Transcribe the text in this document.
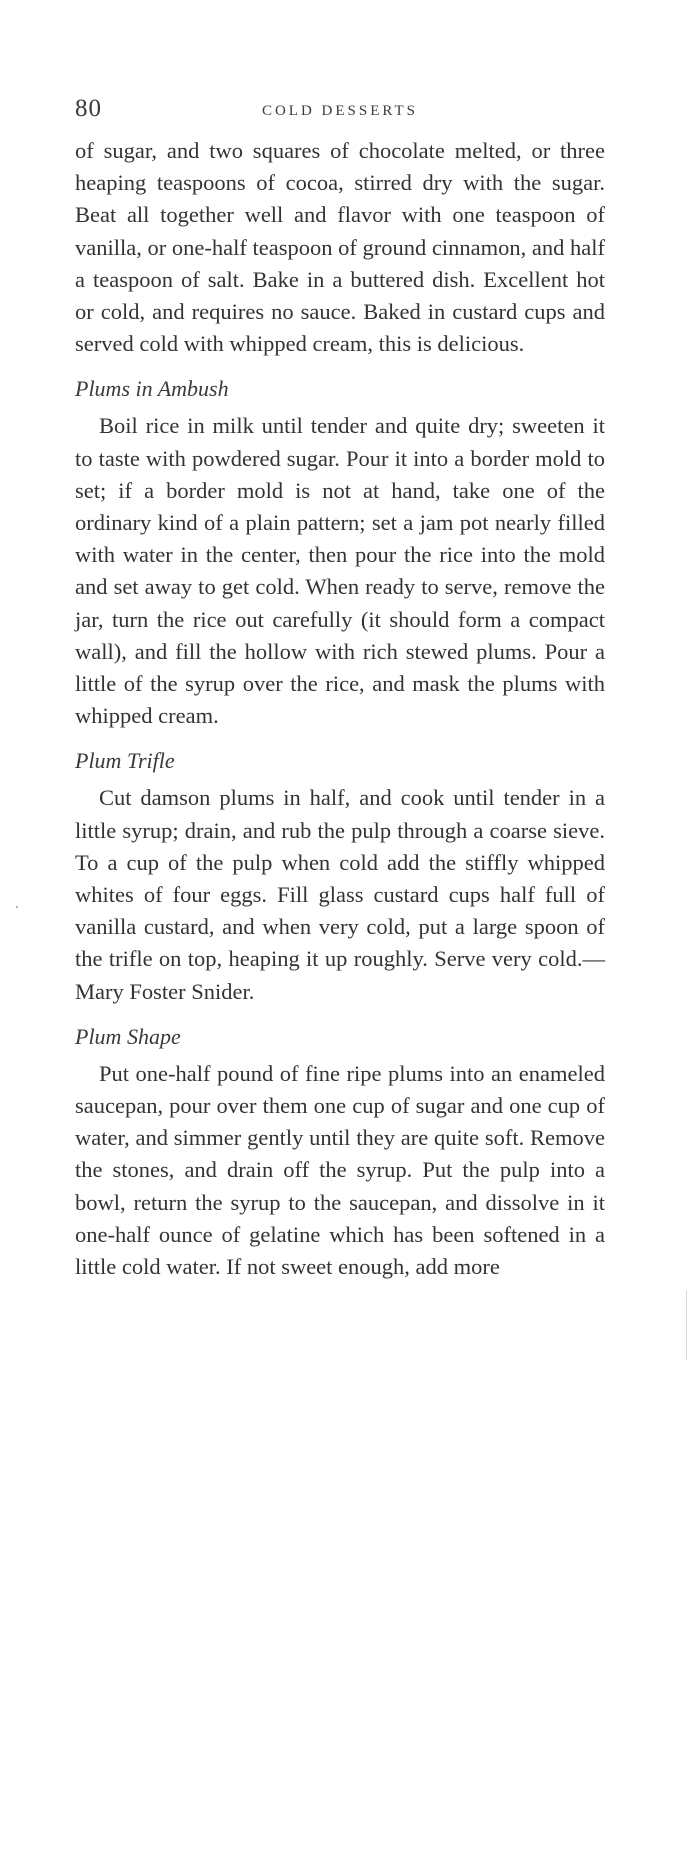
80	COLD DESSERTS

of sugar, and two squares of chocolate melted, or three heaping teaspoons of cocoa, stirred dry with the sugar. Beat all together well and flavor with one teaspoon of vanilla, or one-half teaspoon of ground cinnamon, and half a teaspoon of salt. Bake in a buttered dish. Excellent hot or cold, and requires no sauce. Baked in custard cups and served cold with whipped cream, this is delicious.

Plums in Ambush

Boil rice in milk until tender and quite dry; sweeten it to taste with powdered sugar. Pour it into a border mold to set; if a border mold is not at hand, take one of the ordinary kind of a plain pattern; set a jam pot nearly filled with water in the center, then pour the rice into the mold and set away to get cold. When ready to serve, remove the jar, turn the rice out carefully (it should form a compact wall), and fill the hollow with rich stewed plums. Pour a little of the syrup over the rice, and mask the plums with whipped cream.

Plum Trifle

Cut damson plums in half, and cook until tender in a little syrup; drain, and rub the pulp through a coarse sieve. To a cup of the pulp when cold add the stiffly whipped whites of four eggs. Fill glass custard cups half full of vanilla custard, and when very cold, put a large spoon of the trifle on top, heaping it up roughly. Serve very cold.—Mary Foster Snider.

Plum Shape

Put one-half pound of fine ripe plums into an enameled saucepan, pour over them one cup of sugar and one cup of water, and simmer gently until they are quite soft. Remove the stones, and drain off the syrup. Put the pulp into a bowl, return the syrup to the saucepan, and dissolve in it one-half ounce of gelatine which has been softened in a little cold water. If not sweet enough, add more
